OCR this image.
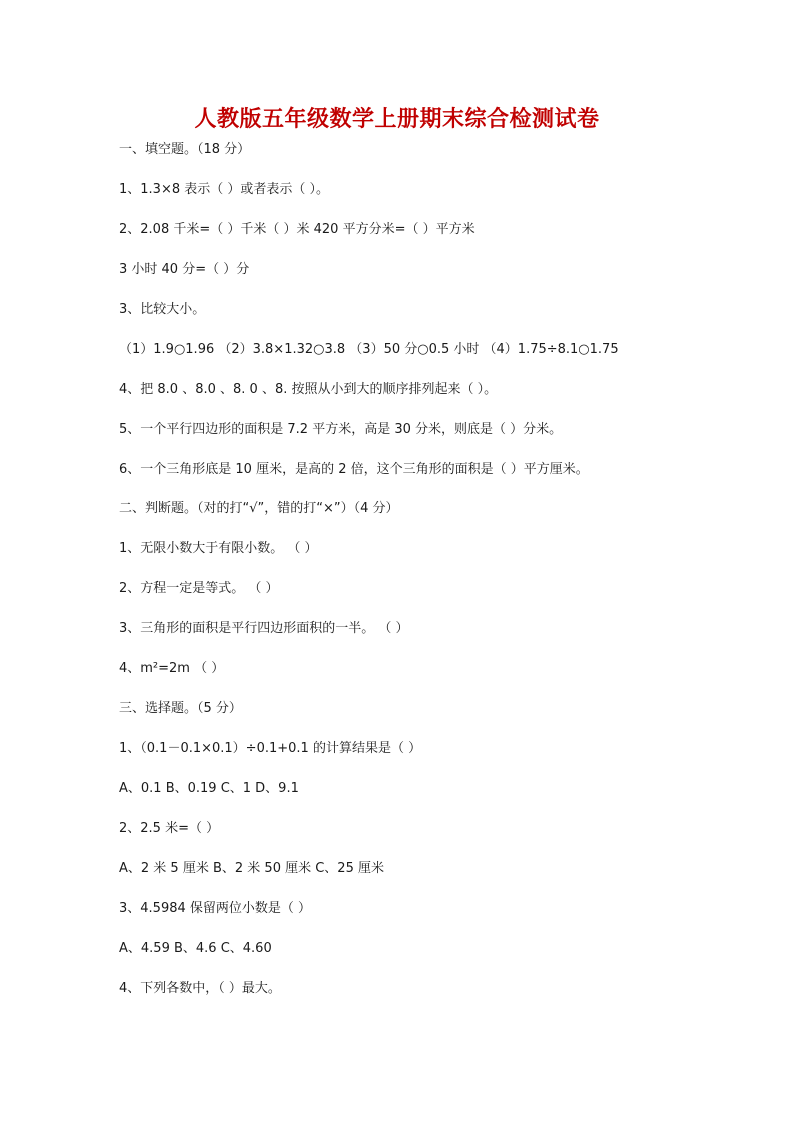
人教版五年级数学上册期末综合检测试卷
一、填空题。（18 分）
1、1.3×8 表示（ ）或者表示（ ）。
2、2.08 千米=（ ）千米（ ）米 420 平方分米=（ ）平方米
3 小时 40 分=（ ）分
3、比较大小。
（1）1.9○1.96 （2）3.8×1.32○3.8 （3）50 分○0.5 小时 （4）1.75÷8.1○1.75
4、把 8.0 、8.0 、8. 0 、8. 按照从小到大的顺序排列起来（ ）。
5、一个平行四边形的面积是 7.2 平方米，高是 30 分米，则底是（ ）分米。
6、一个三角形底是 10 厘米，是高的 2 倍，这个三角形的面积是（ ）平方厘米。
二、判断题。（对的打“√”，错的打“×”）（4 分）
1、无限小数大于有限小数。 （ ）
2、方程一定是等式。 （ ）
3、三角形的面积是平行四边形面积的一半。 （ ）
4、m²=2m （ ）
三、选择题。（5 分）
1、（0.1－0.1×0.1）÷0.1+0.1 的计算结果是（ ）
A、0.1 B、0.19 C、1 D、9.1
2、2.5 米=（ ）
A、2 米 5 厘米 B、2 米 50 厘米 C、25 厘米
3、4.5984 保留两位小数是（ ）
A、4.59 B、4.6 C、4.60
4、下列各数中，（ ）最大。
